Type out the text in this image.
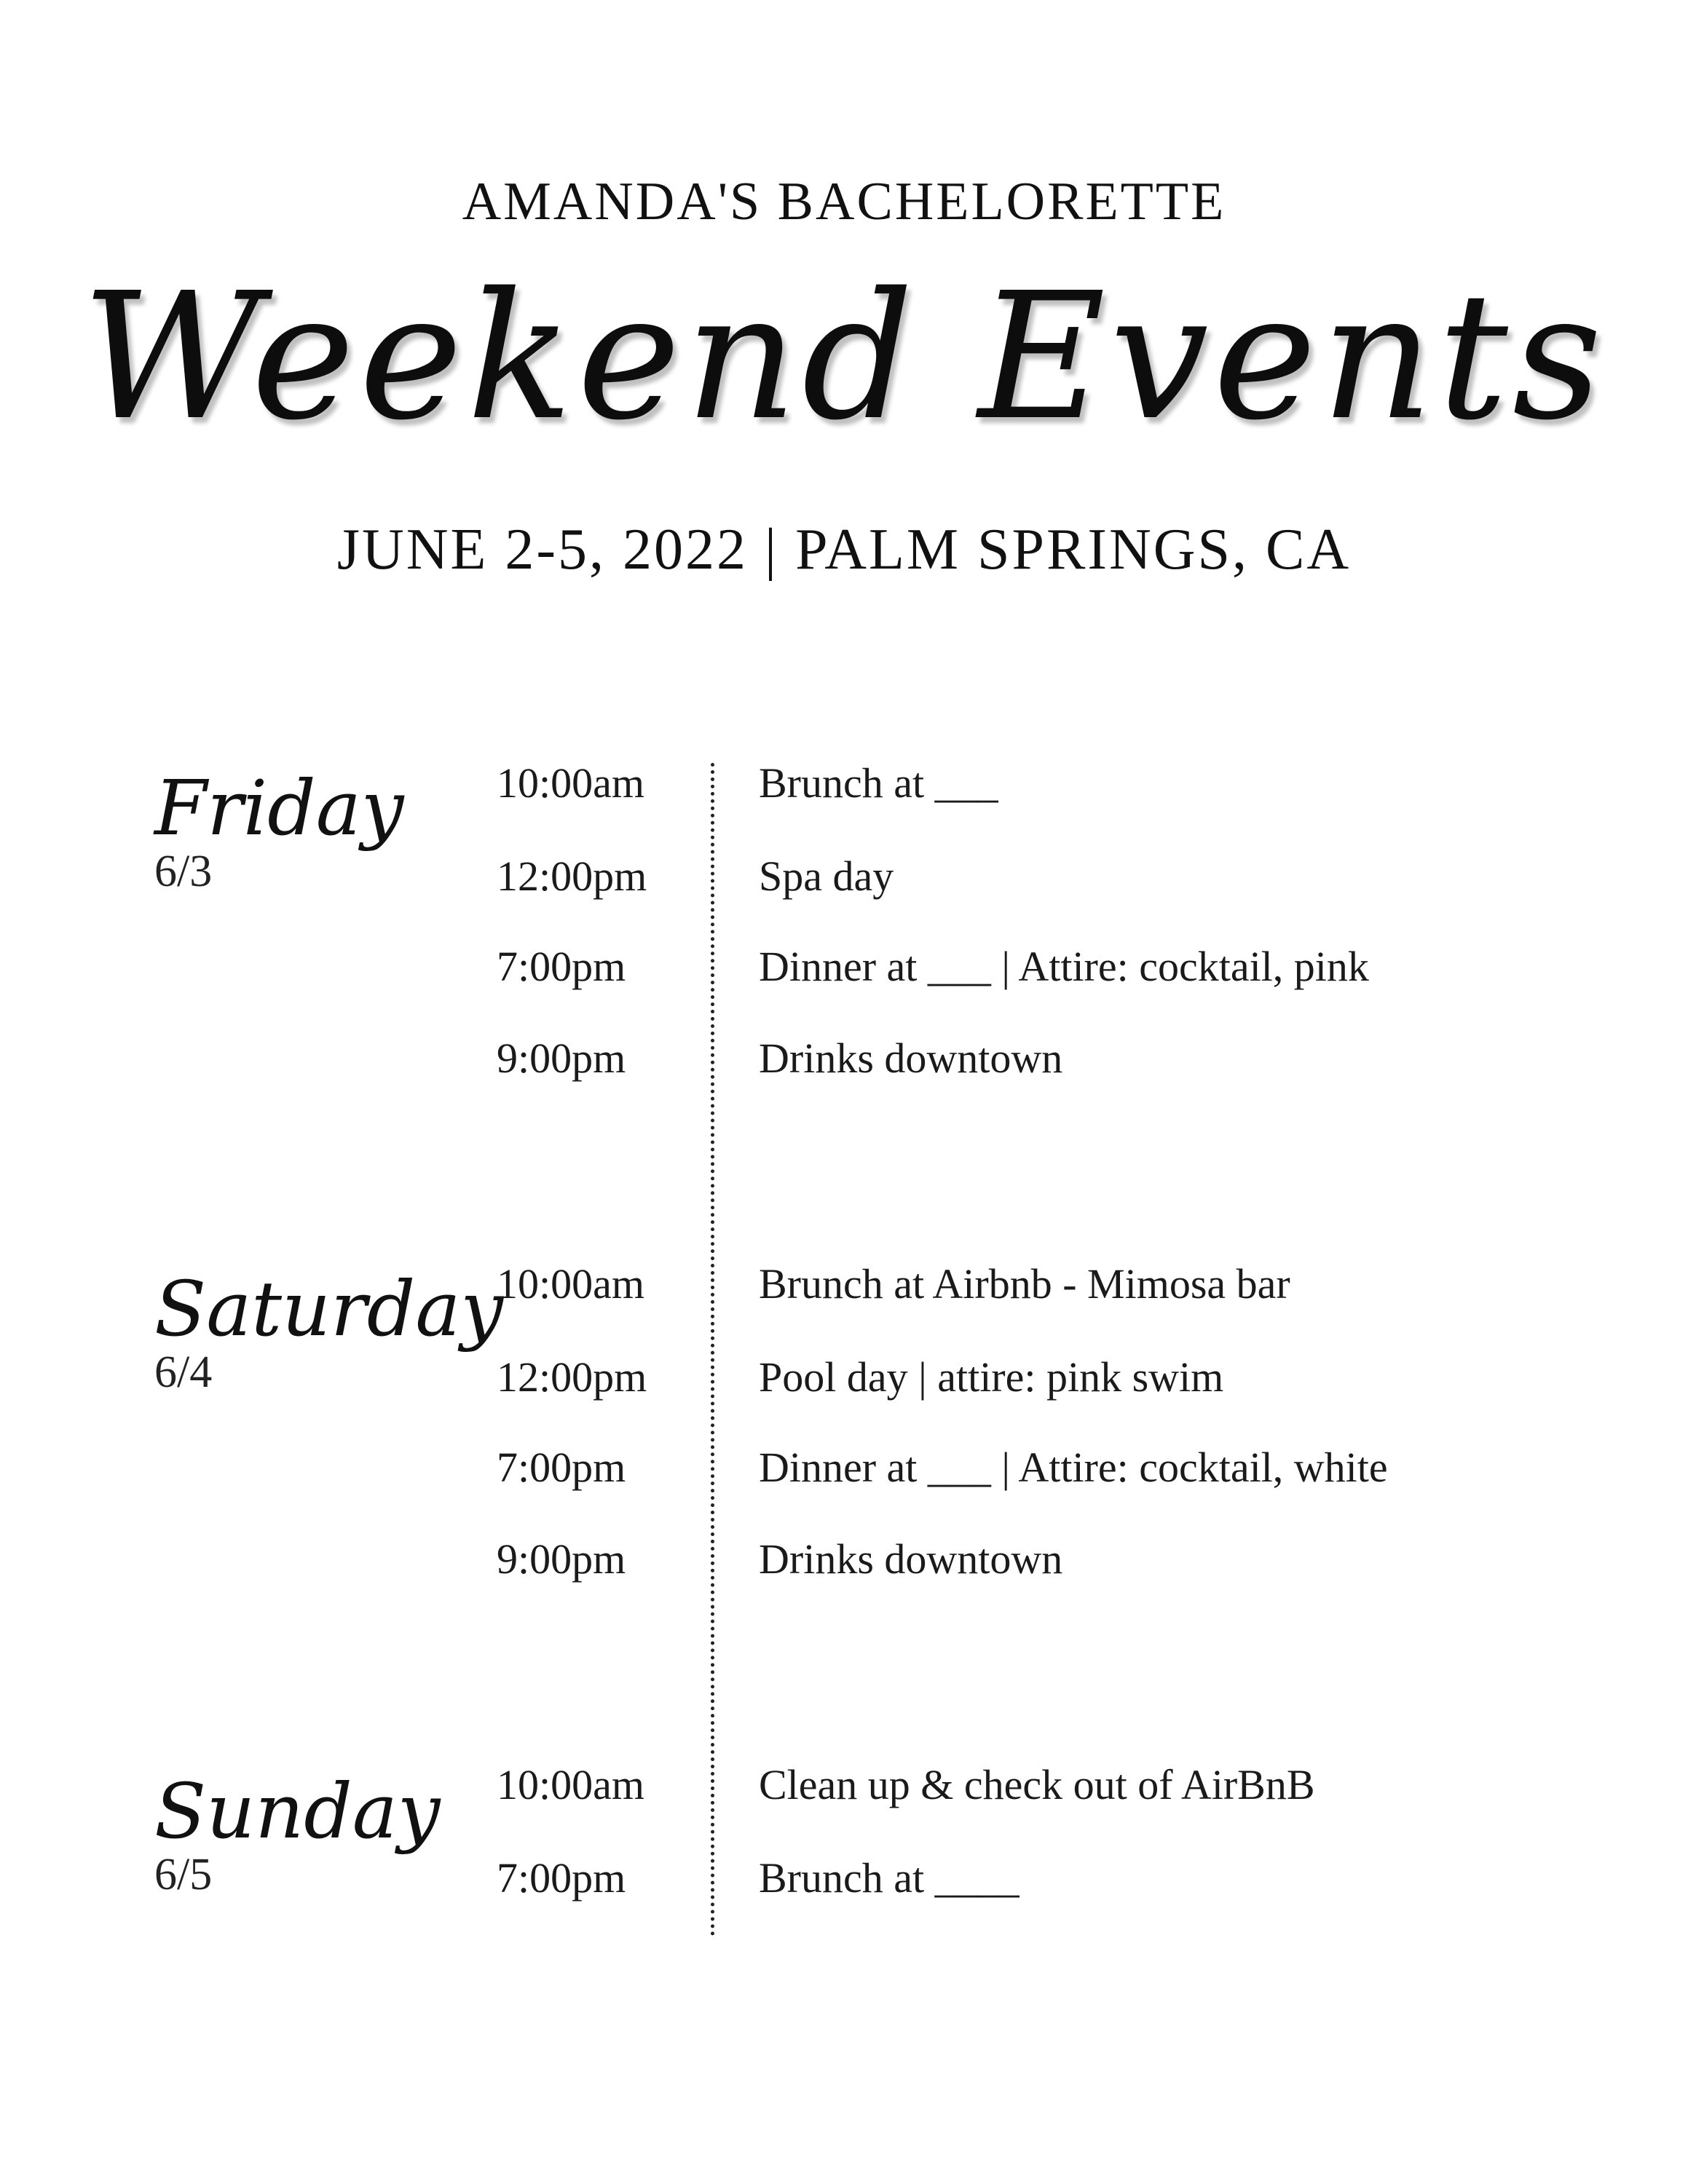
AMANDA'S BACHELORETTE
Weekend Events
JUNE 2-5, 2022 | PALM SPRINGS, CA
Friday
6/3
10:00am	Brunch at ___
12:00pm	Spa day
7:00pm	Dinner at ___ | Attire: cocktail, pink
9:00pm	Drinks downtown
Saturday
6/4
10:00am	Brunch at Airbnb - Mimosa bar
12:00pm	Pool day | attire: pink swim
7:00pm	Dinner at ___ | Attire: cocktail, white
9:00pm	Drinks downtown
Sunday
6/5
10:00am	Clean up & check out of AirBnB
7:00pm	Brunch at ____
